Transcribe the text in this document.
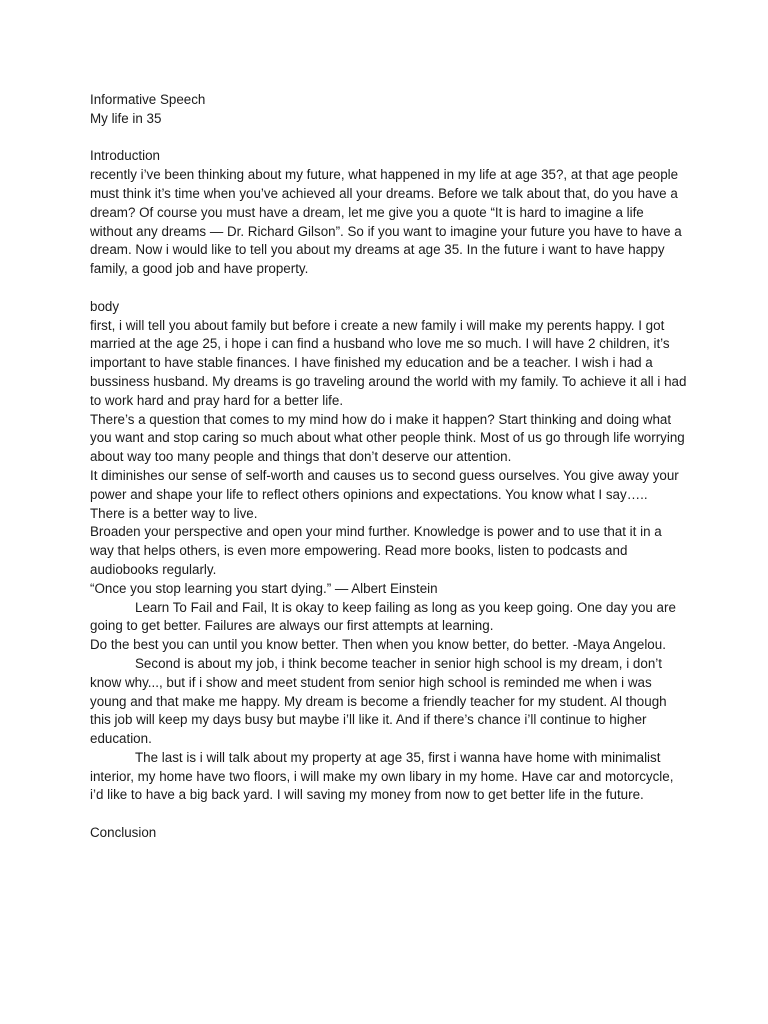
Informative Speech

My life in 35

Introduction

recently i’ve been thinking about my future, what happened in my life at age 35?, at that age people must think it’s time when you’ve achieved all your dreams. Before we talk about that, do you have a dream? Of course you must have a dream, let me give you a quote “It is hard to imagine a life without any dreams — Dr. Richard Gilson”. So if you want to imagine your future you have to have a dream. Now i would like to tell you about my dreams at age 35. In the future i want to have happy family, a good job and have property.

body

first, i will tell you about family but before i create a new family i will make my perents happy. I got married at the age 25, i hope i can find a husband who love me so much. I will have 2 children, it’s important to have stable finances. I have finished my education and be a teacher. I wish i had a bussiness husband. My dreams is go traveling around the world with my family. To achieve it all i had to work hard and pray hard for a better life.

There’s a question that comes to my mind how do i make it happen? Start thinking and doing what you want and stop caring so much about what other people think. Most of us go through life worrying about way too many people and things that don’t deserve our attention.

It diminishes our sense of self-worth and causes us to second guess ourselves. You give away your power and shape your life to reflect others opinions and expectations. You know what I say…..

There is a better way to live.

Broaden your perspective and open your mind further. Knowledge is power and to use that it in a way that helps others, is even more empowering. Read more books, listen to podcasts and audiobooks regularly.

“Once you stop learning you start dying.” — Albert Einstein

Learn To Fail and Fail, It is okay to keep failing as long as you keep going. One day you are going to get better. Failures are always our first attempts at learning.

Do the best you can until you know better. Then when you know better, do better. -Maya Angelou.

Second is about my job, i think become teacher in senior high school is my dream, i don’t know why..., but if i show and meet student from senior high school is reminded me when i was young and that make me happy. My dream is become a friendly teacher for my student. Al though this job will keep my days busy but maybe i’ll like it. And if there’s chance i’ll continue to higher education.

The last is i will talk about my property at age 35, first i wanna have home with minimalist interior, my home have two floors, i will make my own libary in my home. Have car and motorcycle, i’d like to have a big back yard. I will saving my money from now to get better life in the future.

Conclusion
